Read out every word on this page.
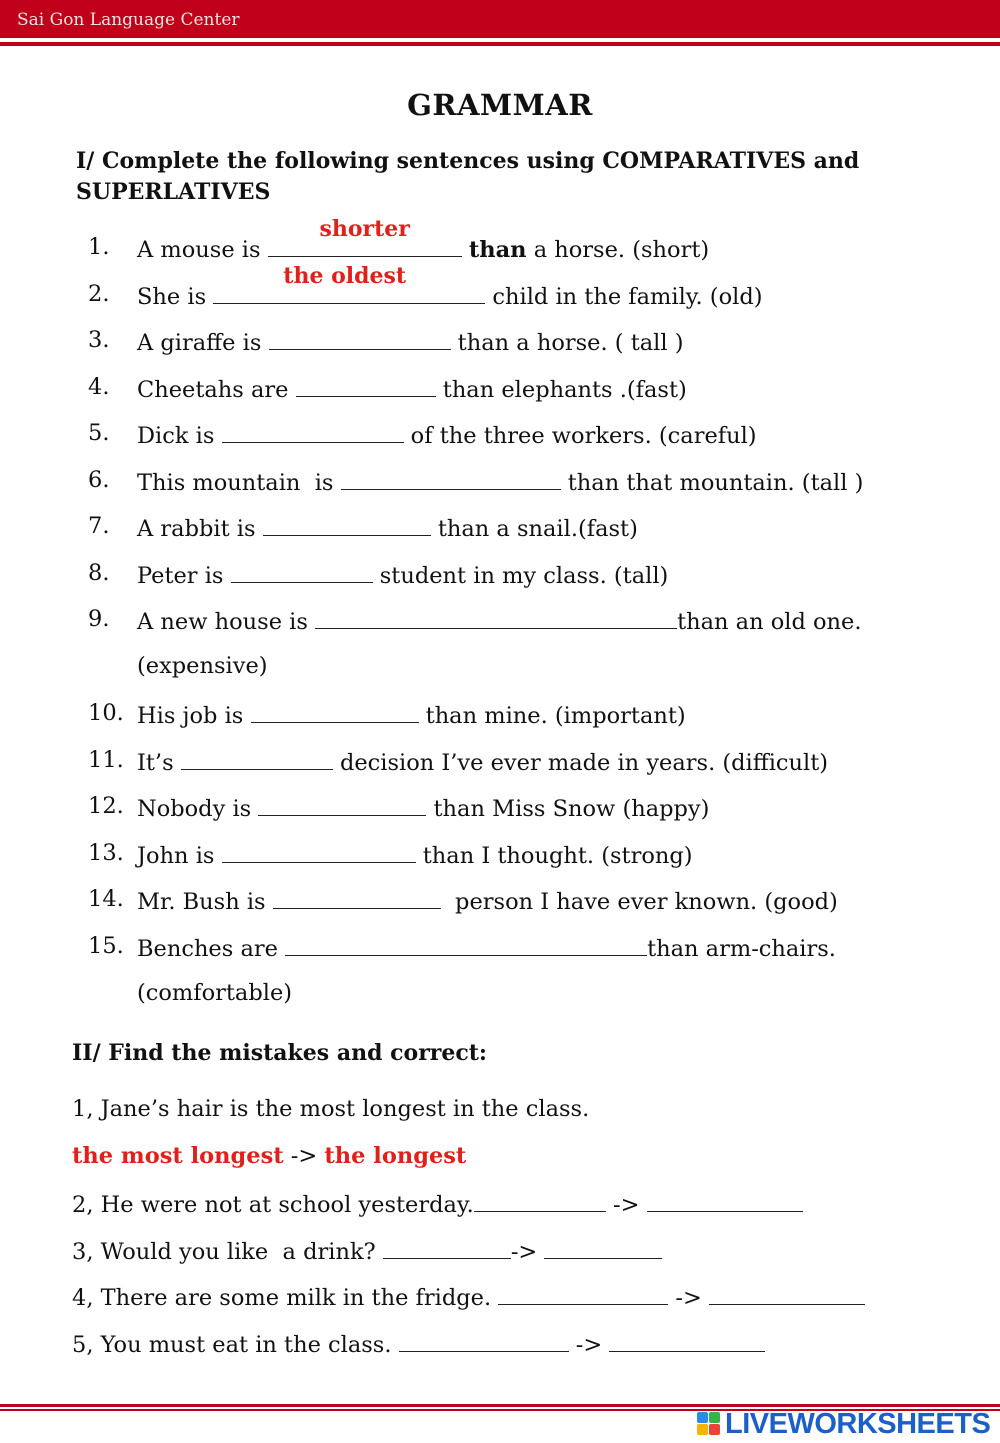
Sai Gon Language Center
GRAMMAR
I/ Complete the following sentences using COMPARATIVES and
SUPERLATIVES
1.	A mouse is
shorter
than a horse. (short)
2.	She is
the oldest
child in the family. (old)
3.	A giraffe is	than a horse. ( tall )
4.	Cheetahs are	than elephants .(fast)
5.	Dick is	of the three workers. (careful)
6.	This mountain  is	than that mountain. (tall )
7.	A rabbit is	than a snail.(fast)
8.	Peter is	student in my class. (tall)
9.	A new house is	than an old one.
(expensive)
10. His job is	than mine. (important)
11. It’s	decision I’ve ever made in years. (difficult)
12. Nobody is	than Miss Snow (happy)
13. John is	than I thought. (strong)
14. Mr. Bush is	person I have ever known. (good)
15. Benches are	than arm-chairs.
(comfortable)
II/ Find the mistakes and correct:
1, Jane’s hair is the most longest in the class.
the most longest -> the longest
2, He were not at school yesterday.	->
3, Would you like  a drink?	->
4, There are some milk in the fridge.	->
5, You must eat in the class.	->
LIVEWORKSHEETS
